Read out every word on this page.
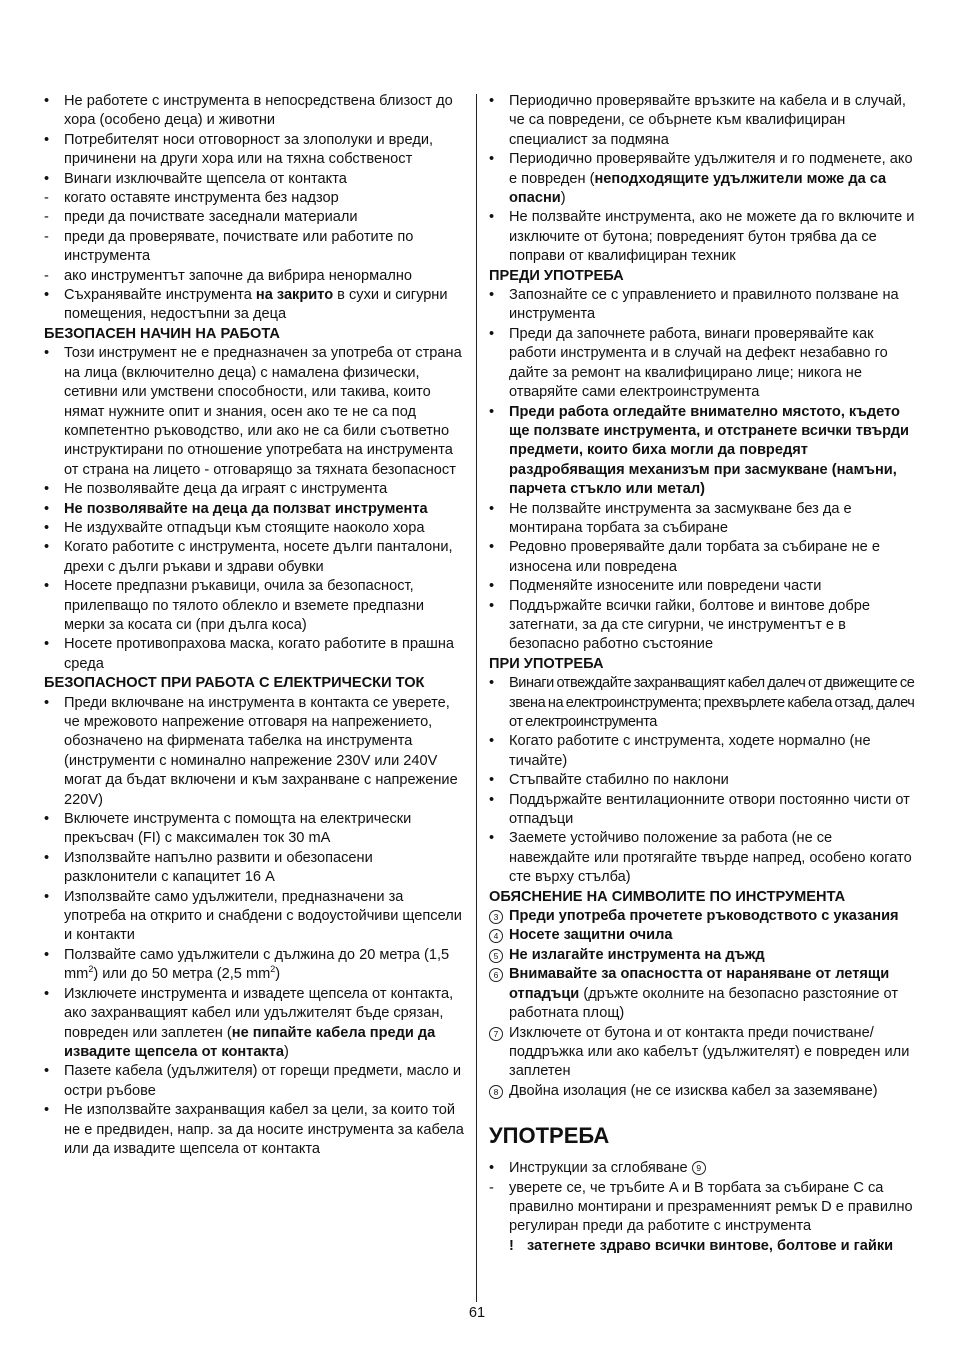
• Не работете с инструмента в непосредствена близост до хора (особено деца) и животни
• Потребителят носи отговорност за злополуки и вреди, причинени на други хора или на тяхна собственост
• Винаги изключвайте щепсела от контакта
- когато оставяте инструмента без надзор
- преди да почиствате заседнали материали
- преди да проверявате, почиствате или работите по инструмента
- ако инструментът започне да вибрира ненормално
• Съхранявайте инструмента на закрито в сухи и сигурни помещения, недостъпни за деца
БЕЗОПАСЕН НАЧИН НА РАБОТА
• Този инструмент не е предназначен за употреба от страна на лица (включително деца) с намалена физически, сетивни или умствени способности, или такива, които нямат нужните опит и знания, осен ако те не са под компетентно ръководство, или ако не са били съответно инструктирани по отношение употребата на инструмента от страна на лицето - отговарящо за тяхната безопасност
• Не позволявайте деца да играят с инструмента
• Не позволявайте на деца да ползват инструмента
• Не издухвайте отпадъци към стоящите наоколо хора
• Когато работите с инструмента, носете дълги панталони, дрехи с дълги ръкави и здрави обувки
• Носете предпазни ръкавици, очила за безопасност, прилепващо по тялото облекло и вземете предпазни мерки за косата си (при дълга коса)
• Носете противопрахова маска, когато работите в прашна среда
БЕЗОПАСНОСТ ПРИ РАБОТА С ЕЛЕКТРИЧЕСКИ ТОК
• Преди включване на инструмента в контакта се уверете, че мрежовото напрежение отговаря на напрежението, обозначено на фирмената табелка на инструмента (инструменти с номинално напрежение 230V или 240V могат да бъдат включени и към захранване с напрежение 220V)
• Включете инструмента с помощта на електрически прекъсвач (FI) с максимален ток 30 mA
• Използвайте напълно развити и обезопасени разклонители с капацитет 16 A
• Използвайте само удължители, предназначени за употреба на открито и снабдени с водоустойчиви щепсели и контакти
• Ползвайте само удължители с дължина до 20 метра (1,5 $mm^2$) или до 50 метра (2,5 $mm^2$)
• Изключете инструмента и извадете щепсела от контакта, ако захранващият кабел или удължителят бъде срязан, повреден или заплетен (не пипайте кабела преди да извадите щепсела от контакта)
• Пазете кабела (удължителя) от горещи предмети, масло и остри ръбове
• Не използвайте захранващия кабел за цели, за които той не е предвиден, напр. за да носите инструмента за кабела или да извадите щепсела от контакта
• Периодично проверявайте връзките на кабела и в случай, че са повредени, се обърнете към квалифициран специалист за подмяна
• Периодично проверявайте удължителя и го подменете, ако е повреден (неподходящите удължители може да са опасни)
• Не ползвайте инструмента, ако не можете да го включите и изключите от бутона; повреденият бутон трябва да се поправи от квалифициран техник
ПРЕДИ УПОТРЕБА
• Запознайте се с управлението и правилното ползване на инструмента
• Преди да започнете работа, винаги проверявайте как работи инструмента и в случай на дефект незабавно го дайте за ремонт на квалифицирано лице; никога не отваряйте сами електроинструмента
• Преди работа огледайте внимателно мястото, където ще ползвате инструмента, и отстранете всички твърди предмети, които биха могли да повредят раздробяващия механизъм при засмукване (намъни, парчета стъкло или метал)
• Не ползвайте инструмента за засмукване без да е монтирана торбата за събиране
• Редовно проверявайте дали торбата за събиране не е износена или повредена
• Подменяйте износените или повредени части
• Поддържайте всички гайки, болтове и винтове добре затегнати, за да сте сигурни, че инструментът е в безопасно работно състояние
ПРИ УПОТРЕБА
• Винаги отвеждайте захранващият кабел далеч от движещите се звена на електроинструмента; прехвърлете кабела отзад, далеч от електроинструмента
• Когато работите с инструмента, ходете нормално (не тичайте)
• Стъпвайте стабилно по наклони
• Поддържайте вентилационните отвори постоянно чисти от отпадъци
• Заемете устойчиво положение за работа (не се навеждайте или протягайте твърде напред, особено когато сте върху стълба)
ОБЯСНЕНИЕ НА СИМВОЛИТЕ ПО ИНСТРУМЕНТА
3 Преди употреба прочетете ръководството с указания
4 Носете защитни очила
5 Не излагайте инструмента на дъжд
6 Внимавайте за опасността от нараняване от летящи отпадъци (дръжте околните на безопасно разстояние от работната площ)
7 Изключете от бутона и от контакта преди почистване/поддръжка или ако кабелът (удължителят) е повреден или заплетен
8 Двойна изолация (не се изисква кабел за заземяване)
УПОТРЕБА
• Инструкции за сглобяване 9
- уверете се, че тръбите A и B торбата за събиране C са правилно монтирани и презраменният ремък D е правилно регулиран преди да работите с инструмента
! затегнете здраво всички винтове, болтове и гайки
61
